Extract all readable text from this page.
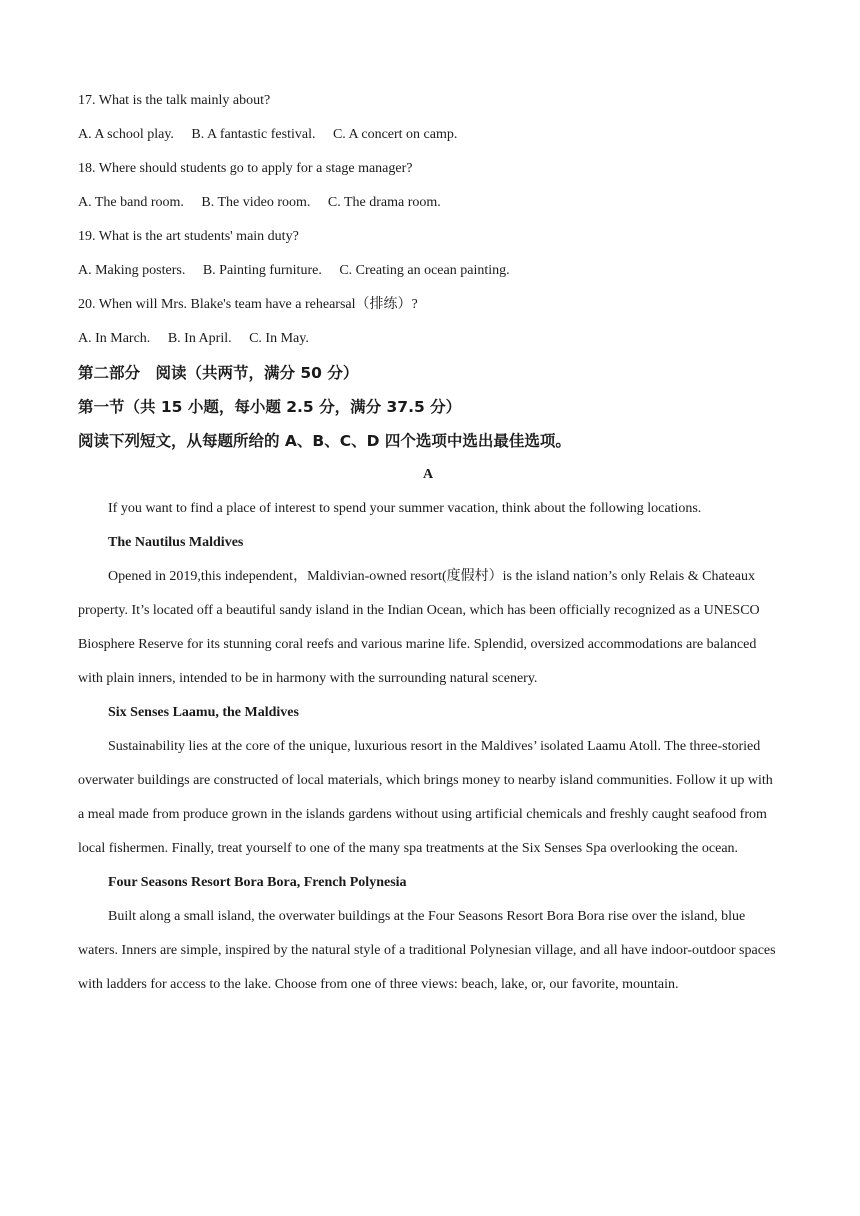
17. What is the talk mainly about?
A. A school play. B. A fantastic festival. C. A concert on camp.
18. Where should students go to apply for a stage manager?
A. The band room. B. The video room. C. The drama room.
19. What is the art students' main duty?
A. Making posters. B. Painting furniture. C. Creating an ocean painting.
20. When will Mrs. Blake's team have a rehearsal（排练）?
A. In March. B. In April. C. In May.
第二部分　阅读（共两节，满分 50 分）
第一节（共 15 小题，每小题 2.5 分，满分 37.5 分）
阅读下列短文，从每题所给的 A、B、C、D 四个选项中选出最佳选项。
A
If you want to find a place of interest to spend your summer vacation, think about the following locations.
The Nautilus Maldives
Opened in 2019,this independent，Maldivian-owned resort(度假村）is the island nation’s only Relais & Chateaux property. It’s located off a beautiful sandy island in the Indian Ocean, which has been officially recognized as a UNESCO Biosphere Reserve for its stunning coral reefs and various marine life. Splendid, oversized accommodations are balanced with plain inners, intended to be in harmony with the surrounding natural scenery.
Six Senses Laamu, the Maldives
Sustainability lies at the core of the unique, luxurious resort in the Maldives’ isolated Laamu Atoll. The three-storied overwater buildings are constructed of local materials, which brings money to nearby island communities. Follow it up with a meal made from produce grown in the islands gardens without using artificial chemicals and freshly caught seafood from local fishermen. Finally, treat yourself to one of the many spa treatments at the Six Senses Spa overlooking the ocean.
Four Seasons Resort Bora Bora, French Polynesia
Built along a small island, the overwater buildings at the Four Seasons Resort Bora Bora rise over the island, blue waters. Inners are simple, inspired by the natural style of a traditional Polynesian village, and all have indoor-outdoor spaces with ladders for access to the lake. Choose from one of three views: beach, lake, or, our favorite, mountain.
